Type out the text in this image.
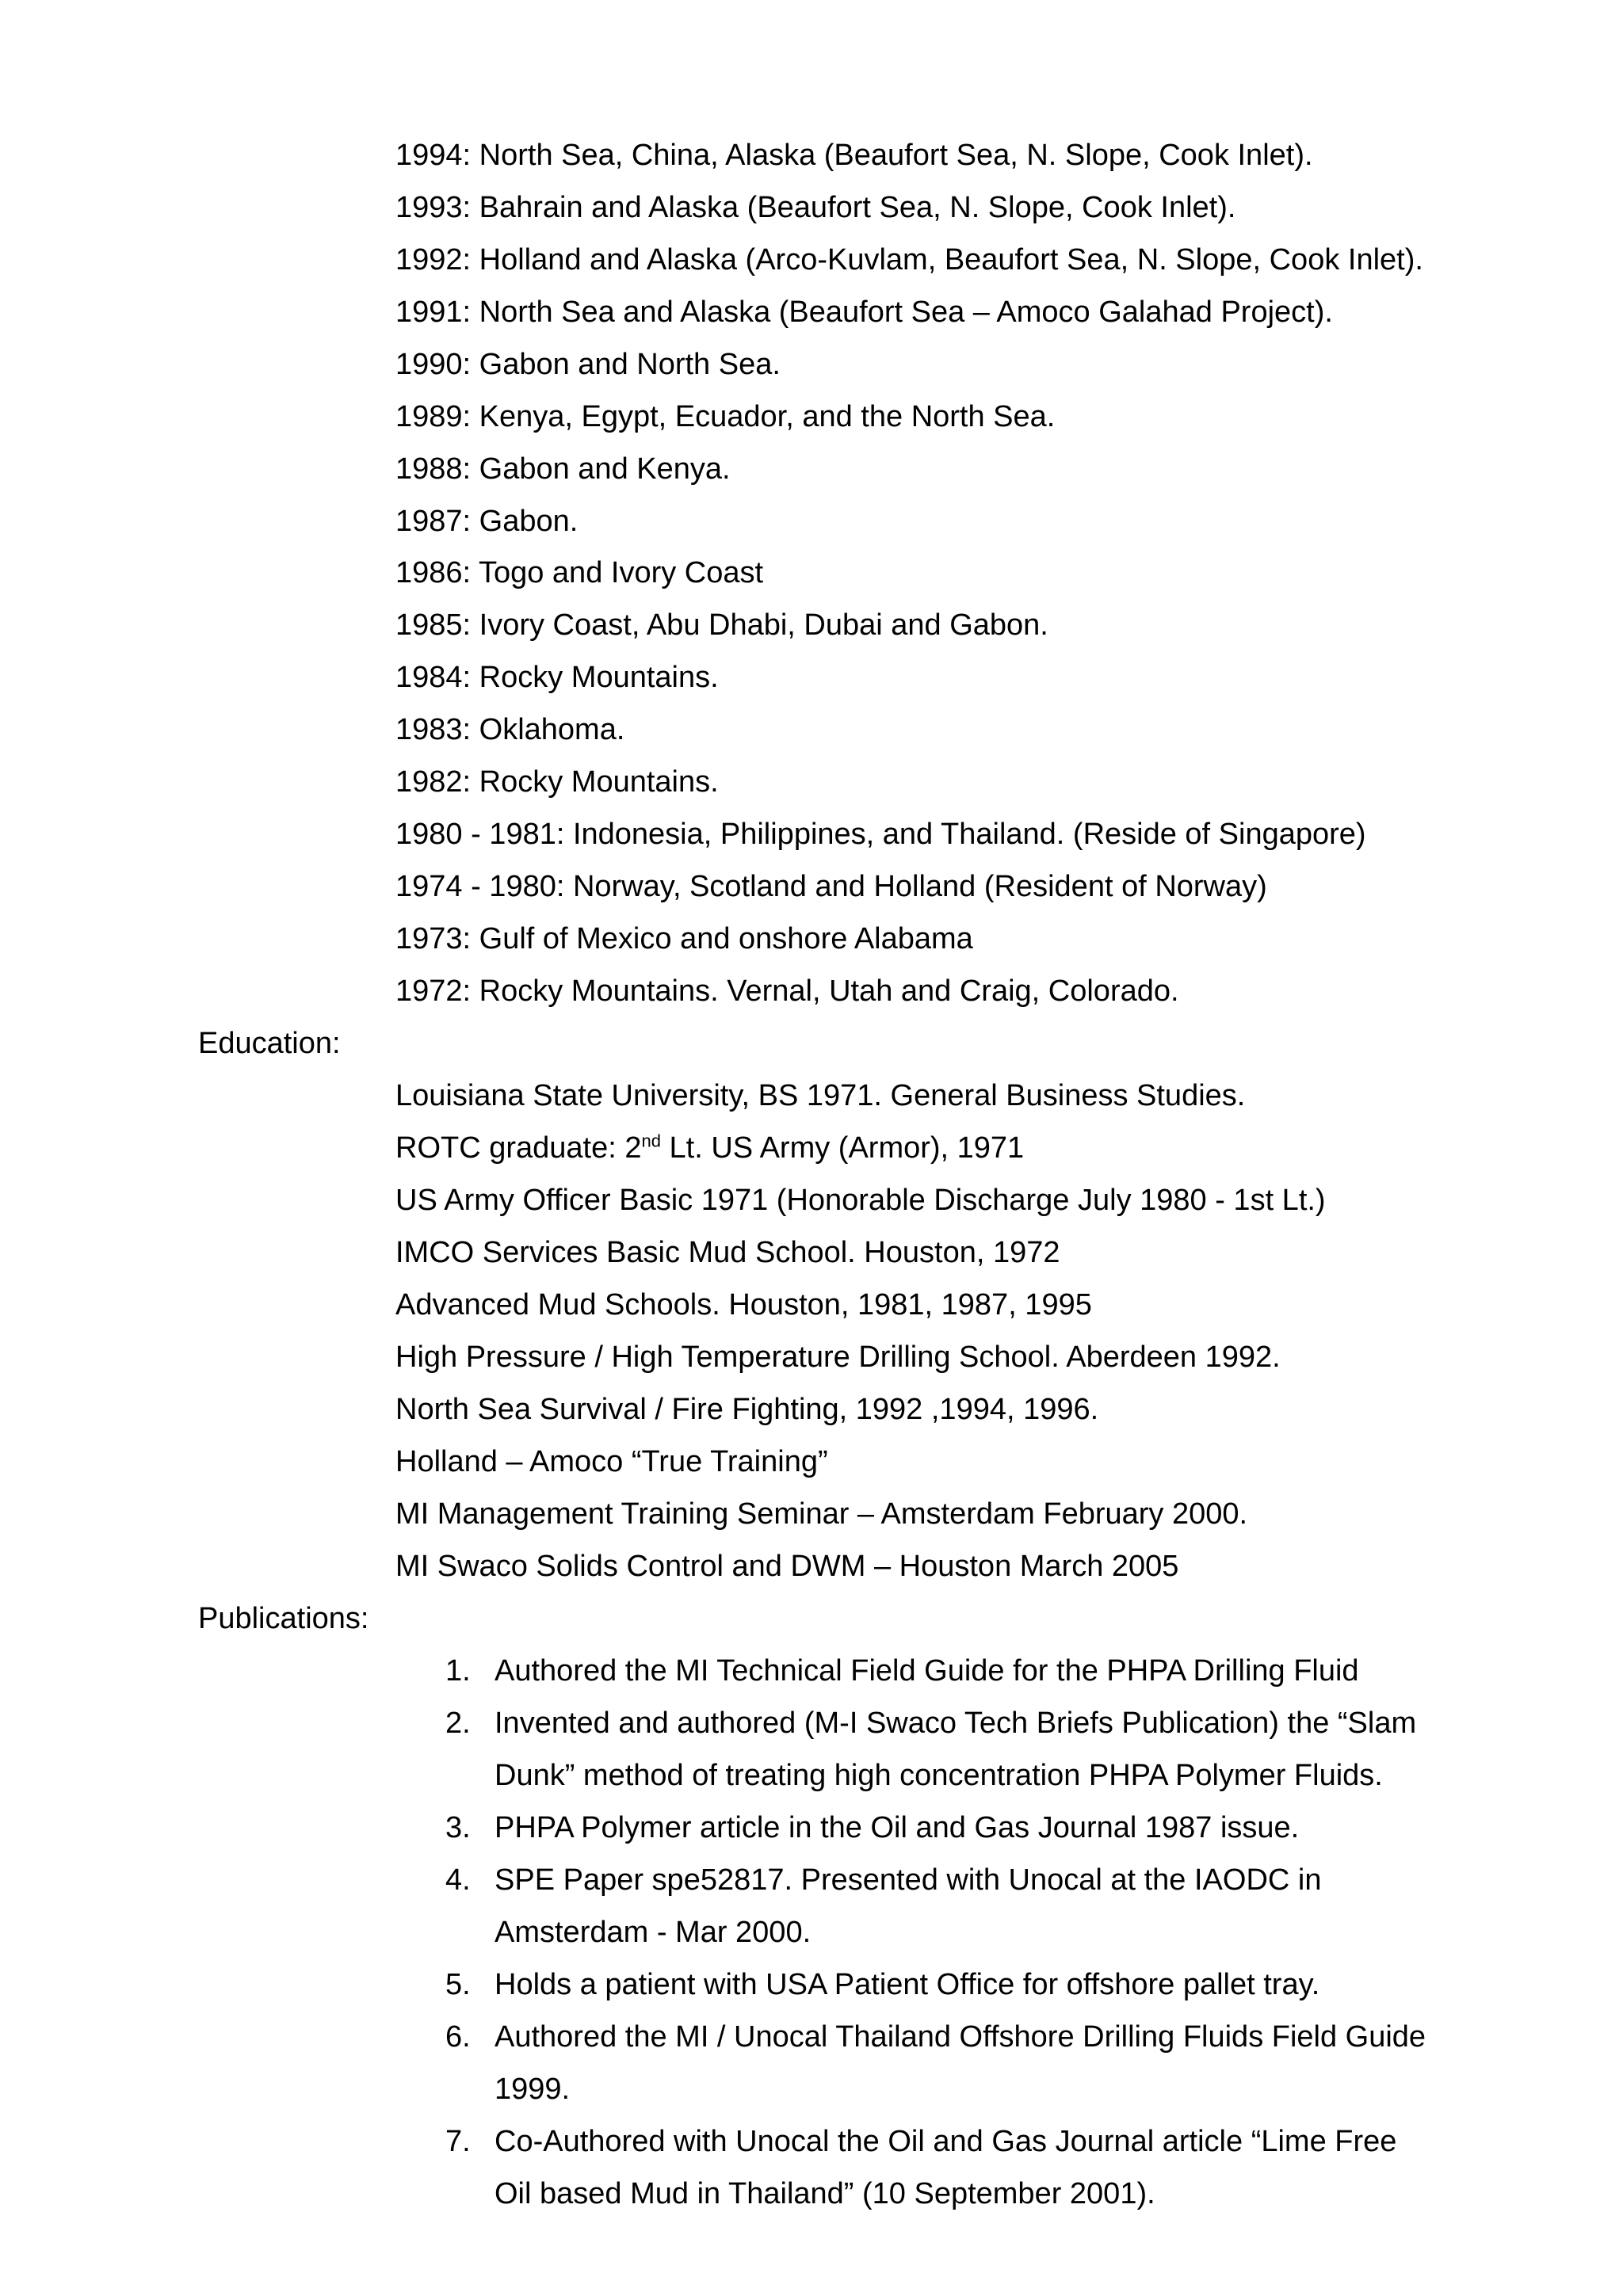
1994: North Sea, China, Alaska (Beaufort Sea, N. Slope, Cook Inlet).
1993: Bahrain and Alaska (Beaufort Sea, N. Slope, Cook Inlet).
1992: Holland and Alaska (Arco-Kuvlam, Beaufort Sea, N. Slope, Cook Inlet).
1991: North Sea and Alaska (Beaufort Sea – Amoco Galahad Project).
1990: Gabon and North Sea.
1989: Kenya, Egypt, Ecuador, and the North Sea.
1988: Gabon and Kenya.
1987: Gabon.
1986: Togo and Ivory Coast
1985: Ivory Coast, Abu Dhabi, Dubai and Gabon.
1984: Rocky Mountains.
1983: Oklahoma.
1982: Rocky Mountains.
1980 - 1981: Indonesia, Philippines, and Thailand. (Reside of Singapore)
1974 - 1980: Norway, Scotland and Holland (Resident of Norway)
1973: Gulf of Mexico and onshore Alabama
1972: Rocky Mountains. Vernal, Utah and Craig, Colorado.
Education:
Louisiana State University, BS 1971. General Business Studies.
ROTC graduate: 2nd Lt. US Army (Armor), 1971
US Army Officer Basic 1971 (Honorable Discharge July 1980 - 1st Lt.)
IMCO Services Basic Mud School. Houston, 1972
Advanced Mud Schools. Houston, 1981, 1987, 1995
High Pressure / High Temperature Drilling School. Aberdeen 1992.
North Sea Survival / Fire Fighting, 1992 ,1994, 1996.
Holland – Amoco “True Training”
MI Management Training Seminar – Amsterdam February 2000.
MI Swaco Solids Control and DWM – Houston March 2005
Publications:
1. Authored the MI Technical Field Guide for the PHPA Drilling Fluid
2. Invented and authored (M-I Swaco Tech Briefs Publication) the “Slam
Dunk” method of treating high concentration PHPA Polymer Fluids.
3. PHPA Polymer article in the Oil and Gas Journal 1987 issue.
4. SPE Paper spe52817. Presented with Unocal at the IAODC in
Amsterdam - Mar 2000.
5. Holds a patient with USA Patient Office for offshore pallet tray.
6. Authored the MI / Unocal Thailand Offshore Drilling Fluids Field Guide
1999.
7. Co-Authored with Unocal the Oil and Gas Journal article “Lime Free
Oil based Mud in Thailand” (10 September 2001).
